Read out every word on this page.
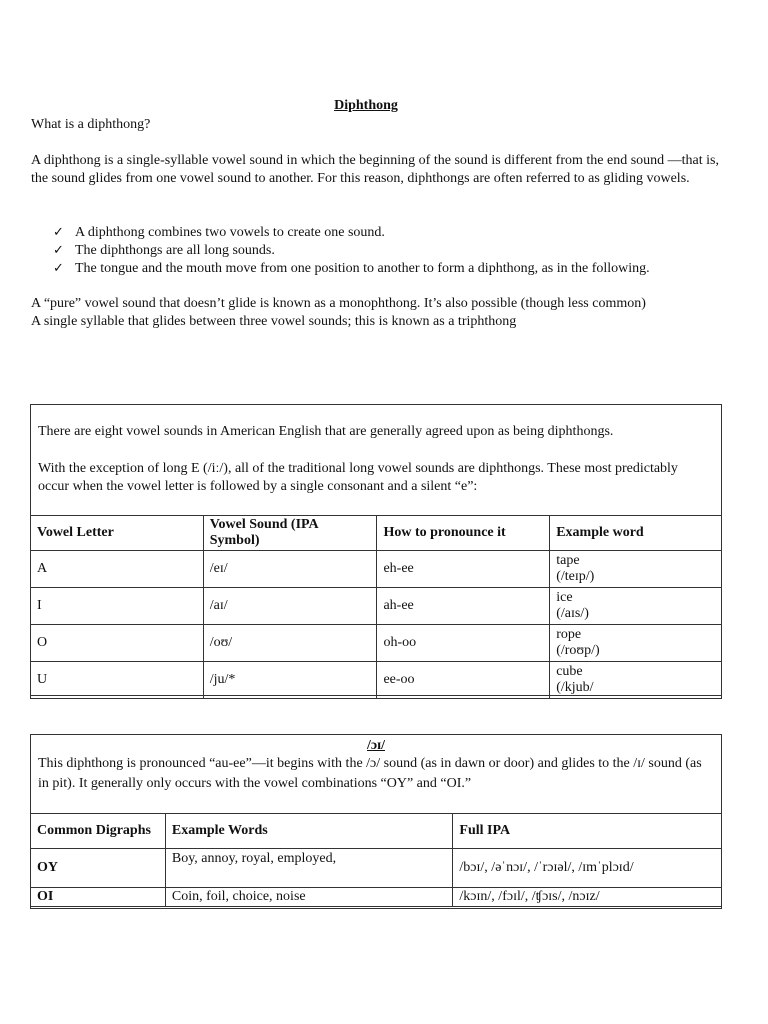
Diphthong
What is a diphthong?
A diphthong is a single-syllable vowel sound in which the beginning of the sound is different from the end sound —that is, the sound glides from one vowel sound to another. For this reason, diphthongs are often referred to as gliding vowels.
✓ A diphthong combines two vowels to create one sound.
✓ The diphthongs are all long sounds.
✓ The tongue and the mouth move from one position to another to form a diphthong, as in the following.
A “pure” vowel sound that doesn’t glide is known as a monophthong. It’s also possible (though less common)
A single syllable that glides between three vowel sounds; this is known as a triphthong
There are eight vowel sounds in American English that are generally agreed upon as being diphthongs.
With the exception of long E (/iː/), all of the traditional long vowel sounds are diphthongs. These most predictably occur when the vowel letter is followed by a single consonant and a silent “e”:
Vowel Letter	Vowel Sound (IPA Symbol)	How to pronounce it	Example word
A	/eɪ/	eh-ee	tape
(/teɪp/)

I	/aɪ/	ah-ee	ice
(/aɪs/)

O	/oʊ/	oh-oo	rope
(/roʊp/)

U	/ju/*	ee-oo	cube
(/kjub/
/ɔɪ/
This diphthong is pronounced “au-ee”—it begins with the /ɔ/ sound (as in dawn or door) and glides to the /ɪ/ sound (as in pit). It generally only occurs with the vowel combinations “OY” and “OI.”
Common Digraphs	Example Words	Full IPA
OY	Boy, annoy, royal, employed,	/bɔɪ/, /əˈnɔɪ/, /ˈrɔɪəl/, /ɪmˈplɔɪd/
OI	Coin, foil, choice, noise	/kɔɪn/, /fɔɪl/, /ʧɔɪs/, /nɔɪz/
